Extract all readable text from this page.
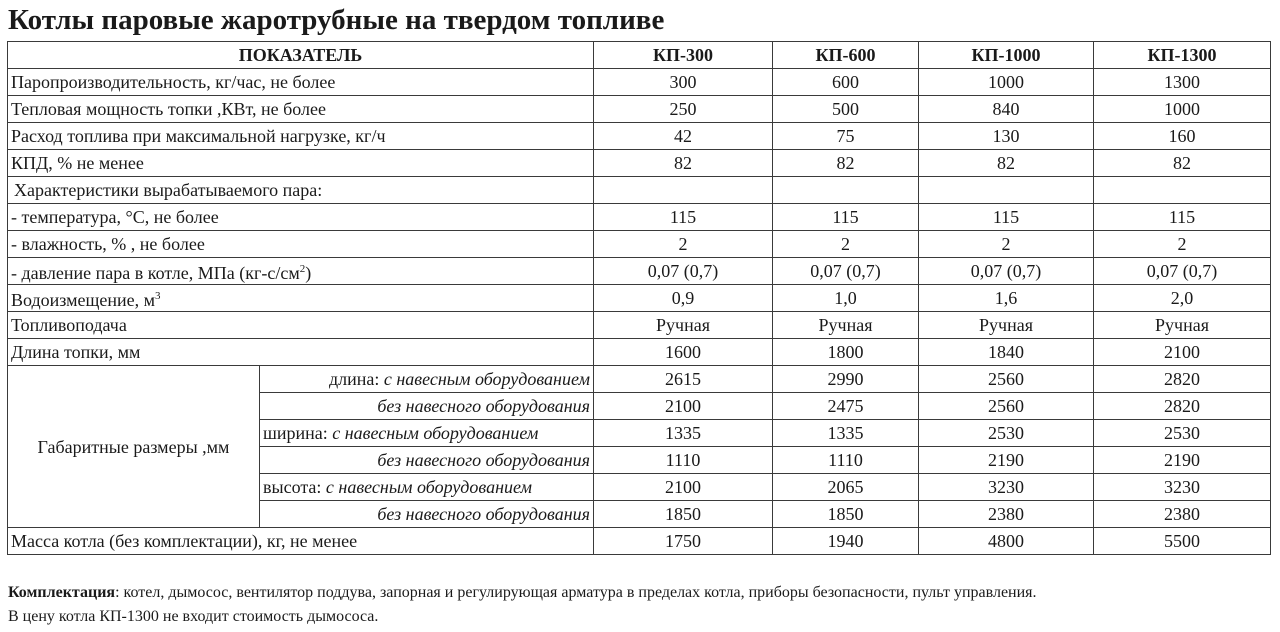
Котлы паровые жаротрубные на твердом топливе
ПОКАЗАТЕЛЬ		КП-300	КП-600	КП-1000	КП-1300
Паропроизводительность, кг/час, не более		300	600	1000	1300
Тепловая мощность топки ,КВт, не более		250	500	840	1000
Расход топлива при максимальной нагрузке, кг/ч		42	75	130	160
КПД, % не менее		82	82	82	82
Характеристики вырабатываемого пара:					
- температура, °С, не более		115	115	115	115
- влажность, % , не более		2	2	2	2
- давление пара в котле, МПа $(кг-с/см^2)$		0,07 (0,7)	0,07 (0,7)	0,07 (0,7)	0,07 (0,7)
Водоизмещение, $м^3$		0,9	1,0	1,6	2,0
Топливоподача		Ручная	Ручная	Ручная	Ручная
Длина топки, мм		1600	1800	1840	2100
Габаритные размеры ,мм	длина: с навесным оборудованием	2615	2990	2560	2820
	без навесного оборудования	2100	2475	2560	2820
	ширина: с навесным оборудованием	1335	1335	2530	2530
	без навесного оборудования	1110	1110	2190	2190
	высота: с навесным оборудованием	2100	2065	3230	3230
	без навесного оборудования	1850	1850	2380	2380
Масса котла (без комплектации), кг, не менее		1750	1940	4800	5500
Комплектация: котел, дымосос, вентилятор поддува, запорная и регулирующая арматура в пределах котла, приборы безопасности, пульт управления.
В цену котла КП-1300 не входит стоимость дымососа.
